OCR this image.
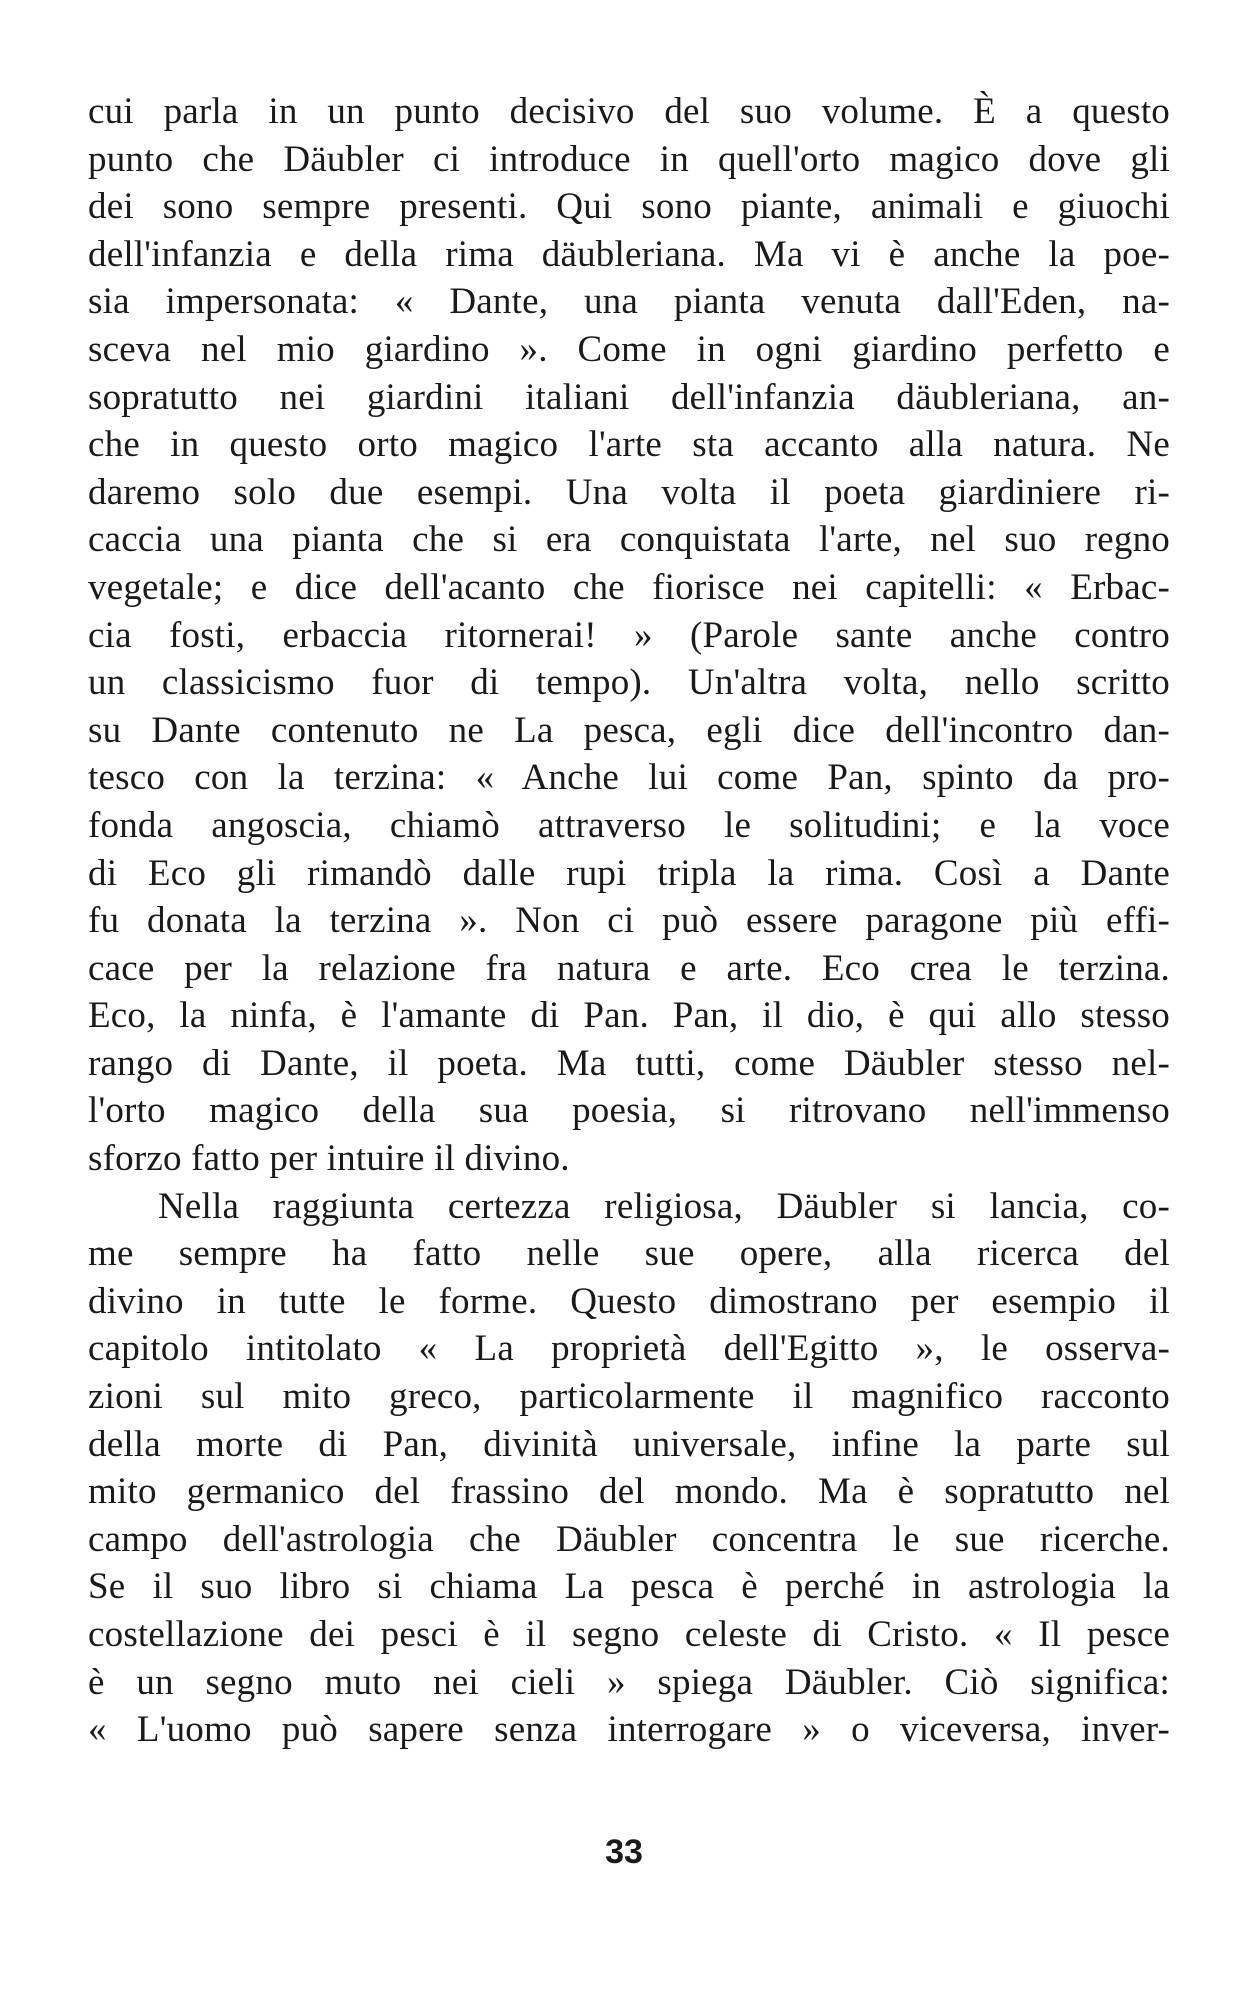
cui parla in un punto decisivo del suo volume. È a questo
punto che Däubler ci introduce in quell'orto magico dove gli
dei sono sempre presenti. Qui sono piante, animali e giuochi
dell'infanzia e della rima däubleriana. Ma vi è anche la poe-
sia impersonata: « Dante, una pianta venuta dall'Eden, na-
sceva nel mio giardino ». Come in ogni giardino perfetto e
sopratutto nei giardini italiani dell'infanzia däubleriana, an-
che in questo orto magico l'arte sta accanto alla natura. Ne
daremo solo due esempi. Una volta il poeta giardiniere ri-
caccia una pianta che si era conquistata l'arte, nel suo regno
vegetale; e dice dell'acanto che fiorisce nei capitelli: « Erbac-
cia fosti, erbaccia ritornerai! » (Parole sante anche contro
un classicismo fuor di tempo). Un'altra volta, nello scritto
su Dante contenuto ne La pesca, egli dice dell'incontro dan-
tesco con la terzina: « Anche lui come Pan, spinto da pro-
fonda angoscia, chiamò attraverso le solitudini; e la voce
di Eco gli rimandò dalle rupi tripla la rima. Così a Dante
fu donata la terzina ». Non ci può essere paragone più effi-
cace per la relazione fra natura e arte. Eco crea le terzina.
Eco, la ninfa, è l'amante di Pan. Pan, il dio, è qui allo stesso
rango di Dante, il poeta. Ma tutti, come Däubler stesso nel-
l'orto magico della sua poesia, si ritrovano nell'immenso
sforzo fatto per intuire il divino.
Nella raggiunta certezza religiosa, Däubler si lancia, co-
me sempre ha fatto nelle sue opere, alla ricerca del
divino in tutte le forme. Questo dimostrano per esempio il
capitolo intitolato « La proprietà dell'Egitto », le osserva-
zioni sul mito greco, particolarmente il magnifico racconto
della morte di Pan, divinità universale, infine la parte sul
mito germanico del frassino del mondo. Ma è sopratutto nel
campo dell'astrologia che Däubler concentra le sue ricerche.
Se il suo libro si chiama La pesca è perché in astrologia la
costellazione dei pesci è il segno celeste di Cristo. « Il pesce
è un segno muto nei cieli » spiega Däubler. Ciò significa:
« L'uomo può sapere senza interrogare » o viceversa, inver-
33
